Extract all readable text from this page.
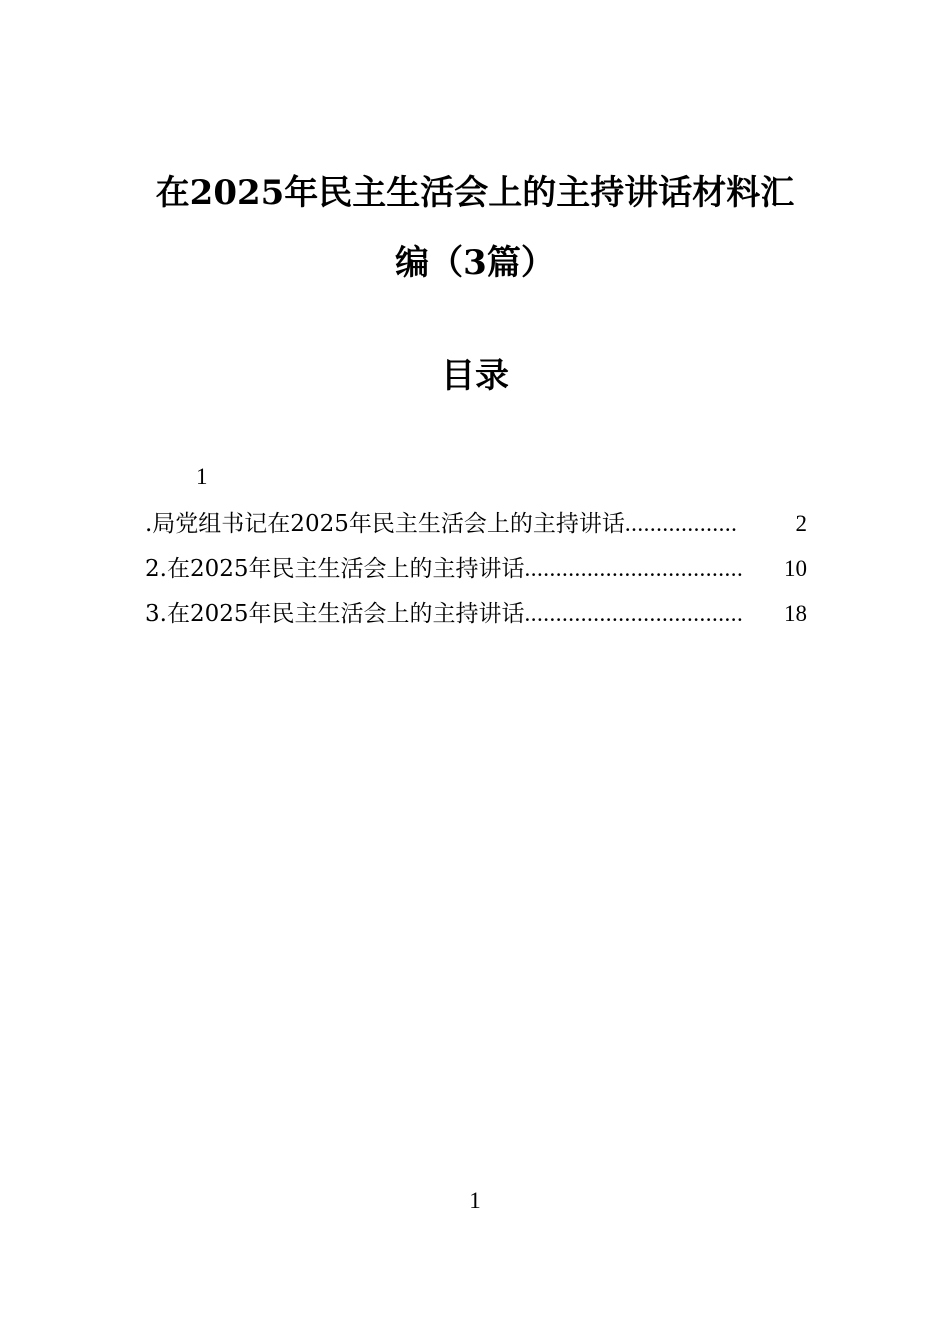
在2025年民主生活会上的主持讲话材料汇
编（3篇）
目录
1
.局党组书记在2025年民主生活会上的主持讲话 ..................	2
2.在2025年民主生活会上的主持讲话 ...................................	10
3.在2025年民主生活会上的主持讲话 ...................................	18
1
